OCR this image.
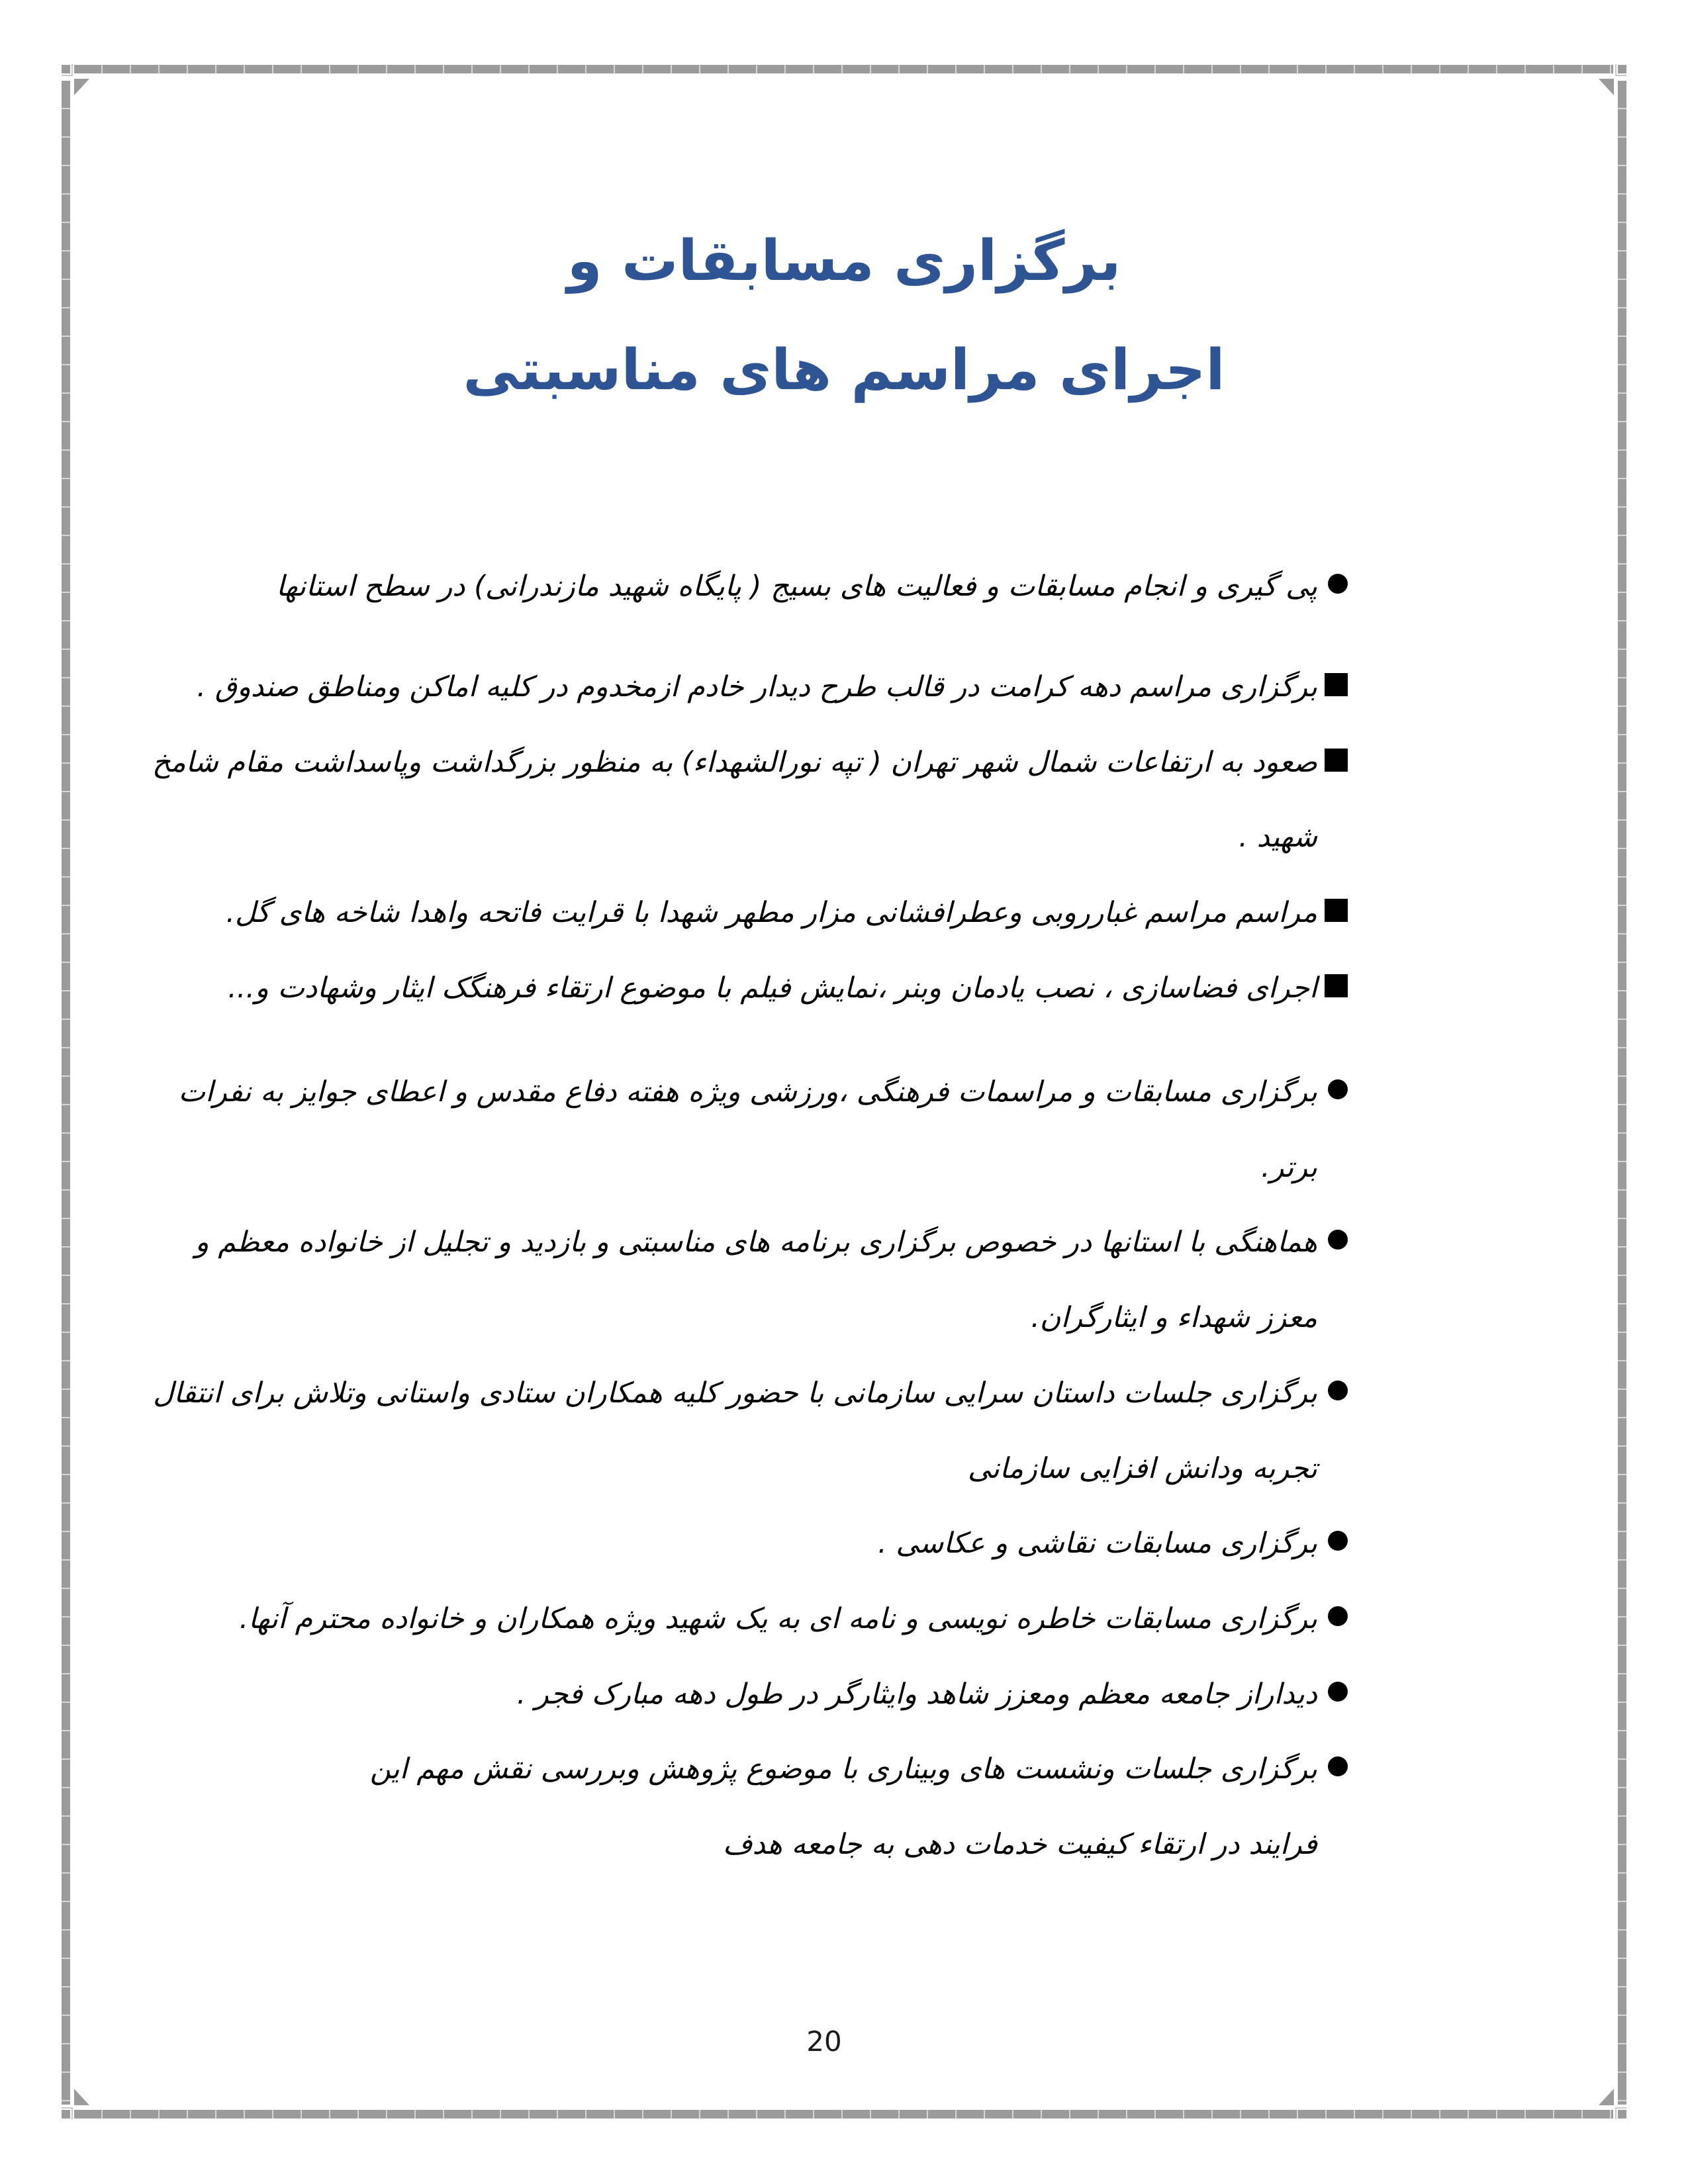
برگزاری مسابقات و
اجرای مراسم های مناسبتی
پی گیری و انجام مسابقات و فعالیت های بسیج ( پایگاه شهید مازندرانی) در سطح استانها
برگزاری مراسم دهه کرامت در قالب طرح دیدار خادم ازمخدوم در کلیه اماکن ومناطق صندوق .
صعود به ارتفاعات شمال شهر تهران ( تپه نورالشهداء) به منظور بزرگداشت وپاسداشت مقام شامخ
شهید .
مراسم مراسم غبارروبی وعطرافشانی مزار مطهر شهدا با قرایت فاتحه واهدا شاخه های گل.
اجرای فضاسازی ، نصب یادمان وبنر ،نمایش فیلم با موضوع ارتقاء فرهنگک ایثار وشهادت و...
برگزاری مسابقات و مراسمات فرهنگی ،ورزشی ویژه هفته دفاع مقدس و اعطای جوایز به نفرات
برتر.
هماهنگی با استانها در خصوص برگزاری برنامه های مناسبتی و بازدید و تجلیل از خانواده معظم و
معزز شهداء و ایثارگران.
برگزاری جلسات داستان سرایی سازمانی با حضور کلیه همکاران ستادی واستانی وتلاش برای انتقال
تجربه ودانش افزایی سازمانی
برگزاری مسابقات نقاشی و عکاسی .
برگزاری مسابقات خاطره نویسی و نامه ای به یک شهید ویژه همکاران و خانواده محترم آنها.
دیداراز جامعه معظم ومعزز شاهد وایثارگر در طول دهه مبارک فجر .
برگزاری جلسات ونشست های وبیناری با موضوع پژوهش وبررسی نقش مهم این
فرایند در ارتقاء کیفیت خدمات دهی به جامعه هدف
20
